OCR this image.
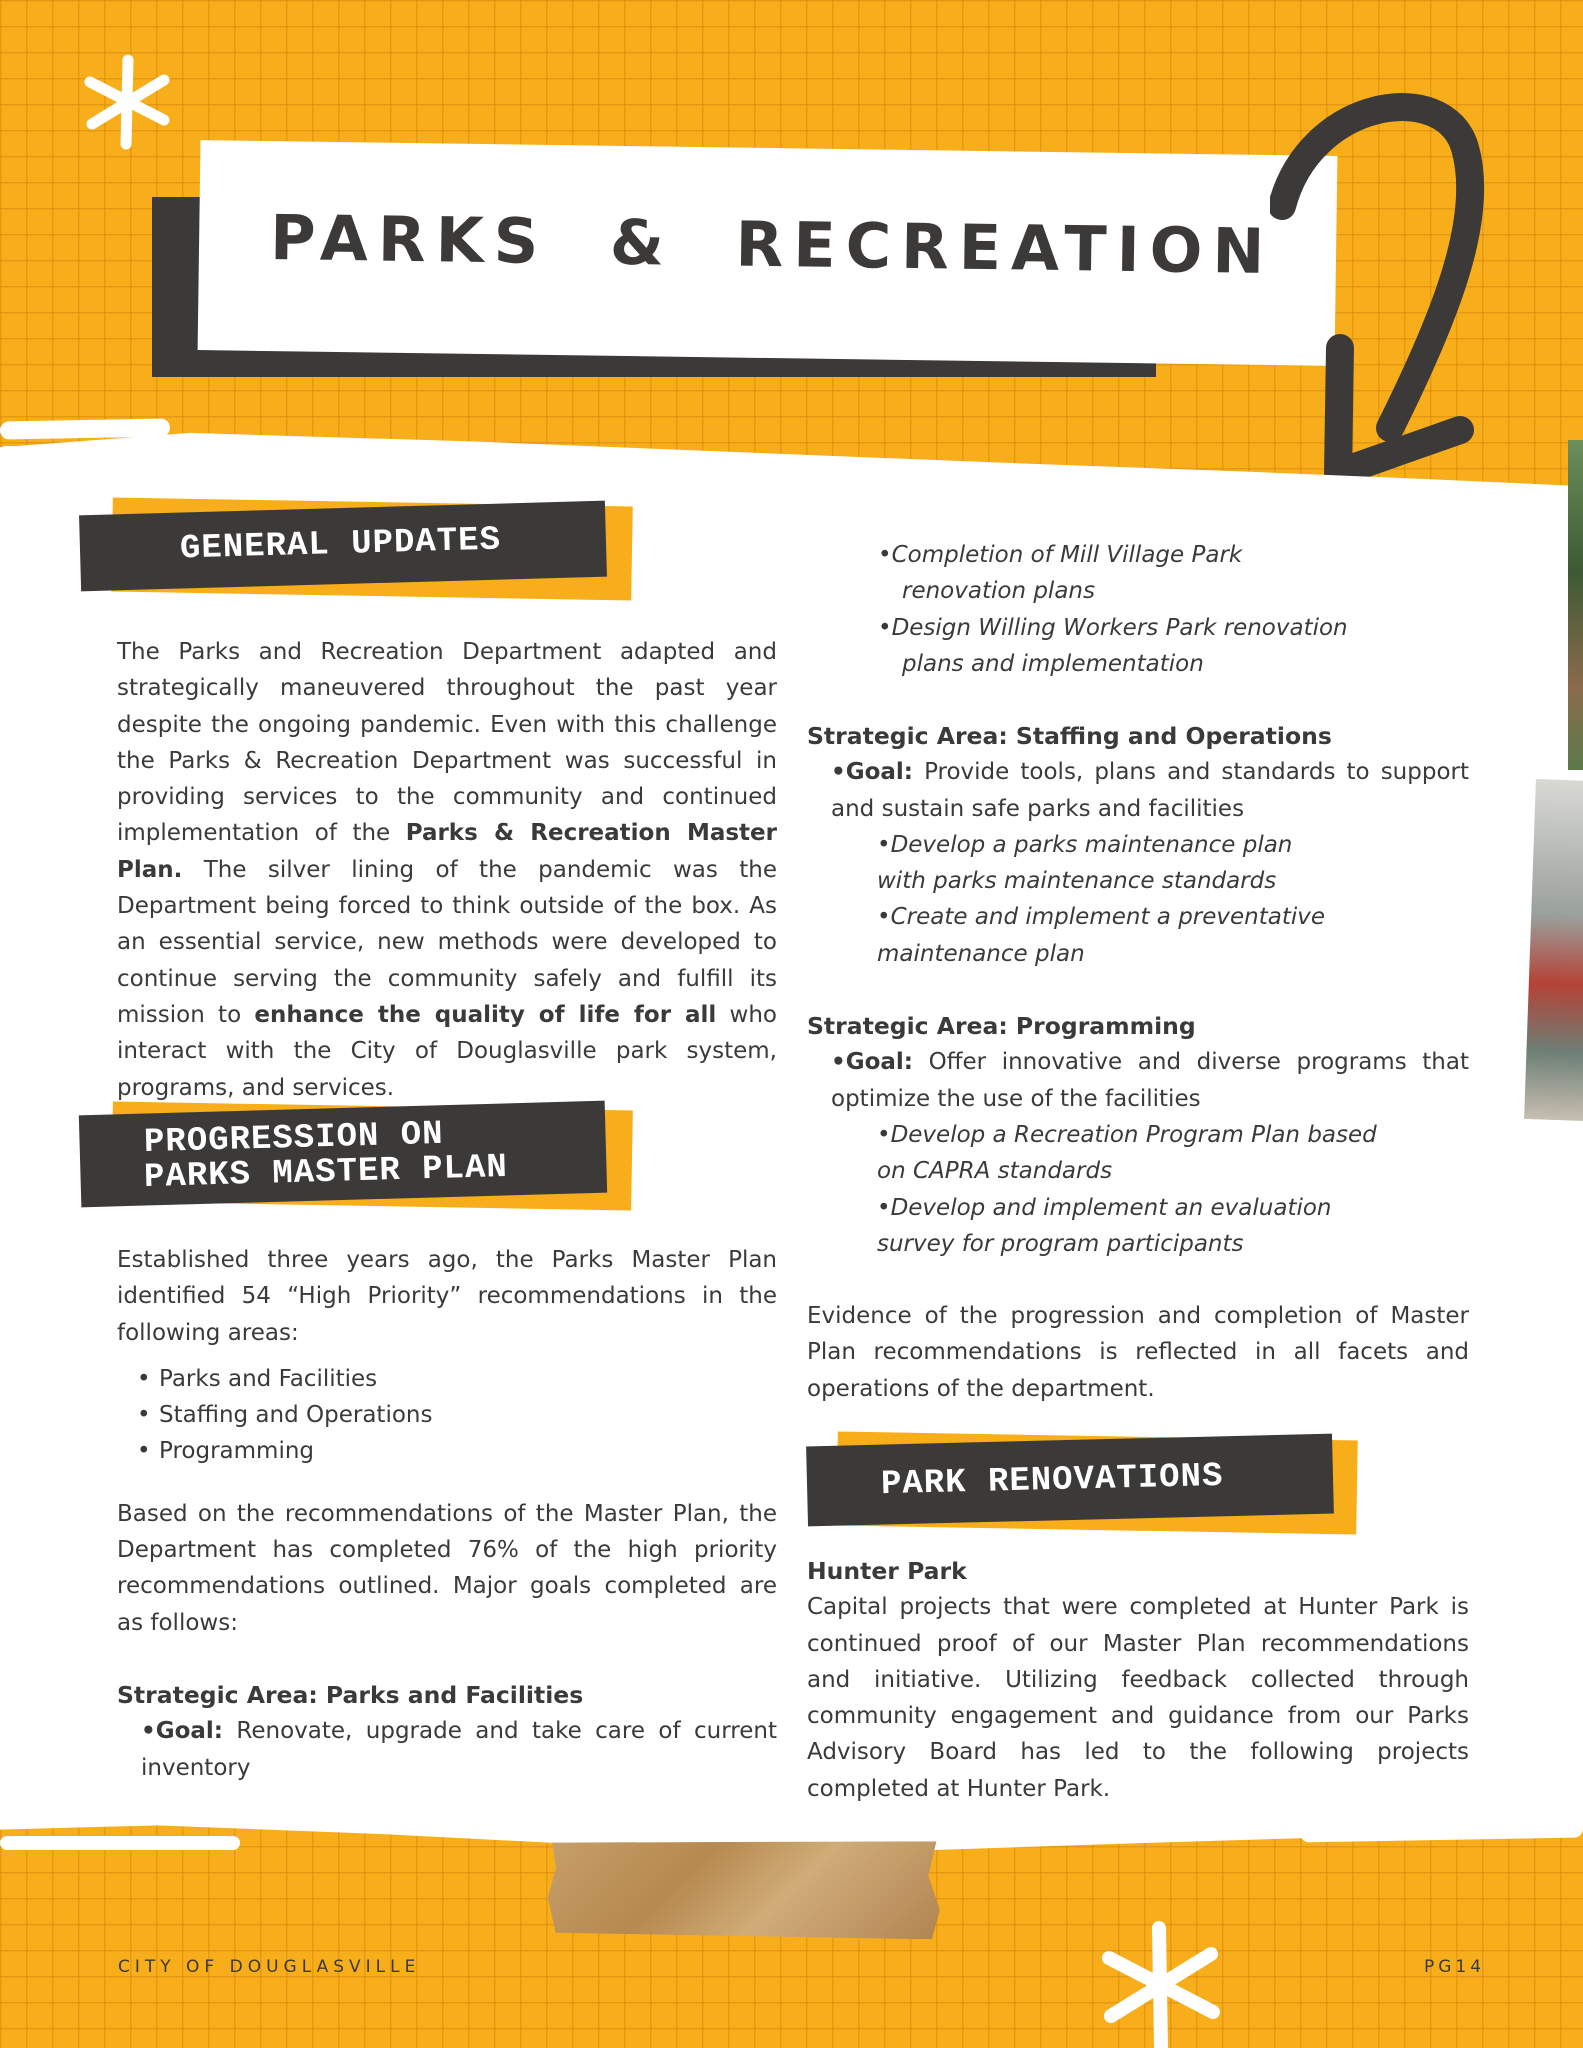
PARKS & RECREATION
GENERAL UPDATES
PROGRESSION ON
PARKS MASTER PLAN
PARK RENOVATIONS
The Parks and Recreation Department adapted and strategically maneuvered throughout the past year despite the ongoing pandemic. Even with this challenge the Parks & Recreation Department was successful in providing services to the community and continued implementation of the Parks & Recreation Master Plan. The silver lining of the pandemic was the Department being forced to think outside of the box. As an essential service, new methods were developed to continue serving the community safely and fulfill its mission to enhance the quality of life for all who interact with the City of Douglasville park system, programs, and services.

Established three years ago, the Parks Master Plan identified 54 “High Priority” recommendations in the following areas:

• Parks and Facilities
• Staffing and Operations
• Programming

Based on the recommendations of the Master Plan, the Department has completed 76% of the high priority recommendations outlined. Major goals completed are as follows:

Strategic Area: Parks and Facilities

•Goal: Renovate, upgrade and take care of current inventory

•Completion of Mill Village Park renovation plans

•Design Willing Workers Park renovation plans and implementation

Strategic Area: Staffing and Operations

•Goal: Provide tools, plans and standards to support and sustain safe parks and facilities

•Develop a parks maintenance plan with parks maintenance standards

•Create and implement a preventative maintenance plan

Strategic Area: Programming

•Goal: Offer innovative and diverse programs that optimize the use of the facilities

•Develop a Recreation Program Plan based on CAPRA standards

•Develop and implement an evaluation survey for program participants

Evidence of the progression and completion of Master Plan recommendations is reflected in all facets and operations of the department.

Hunter Park

Capital projects that were completed at Hunter Park is continued proof of our Master Plan recommendations and initiative. Utilizing feedback collected through community engagement and guidance from our Parks Advisory Board has led to the following projects completed at Hunter Park.

CITY OF DOUGLASVILLE	PG14
